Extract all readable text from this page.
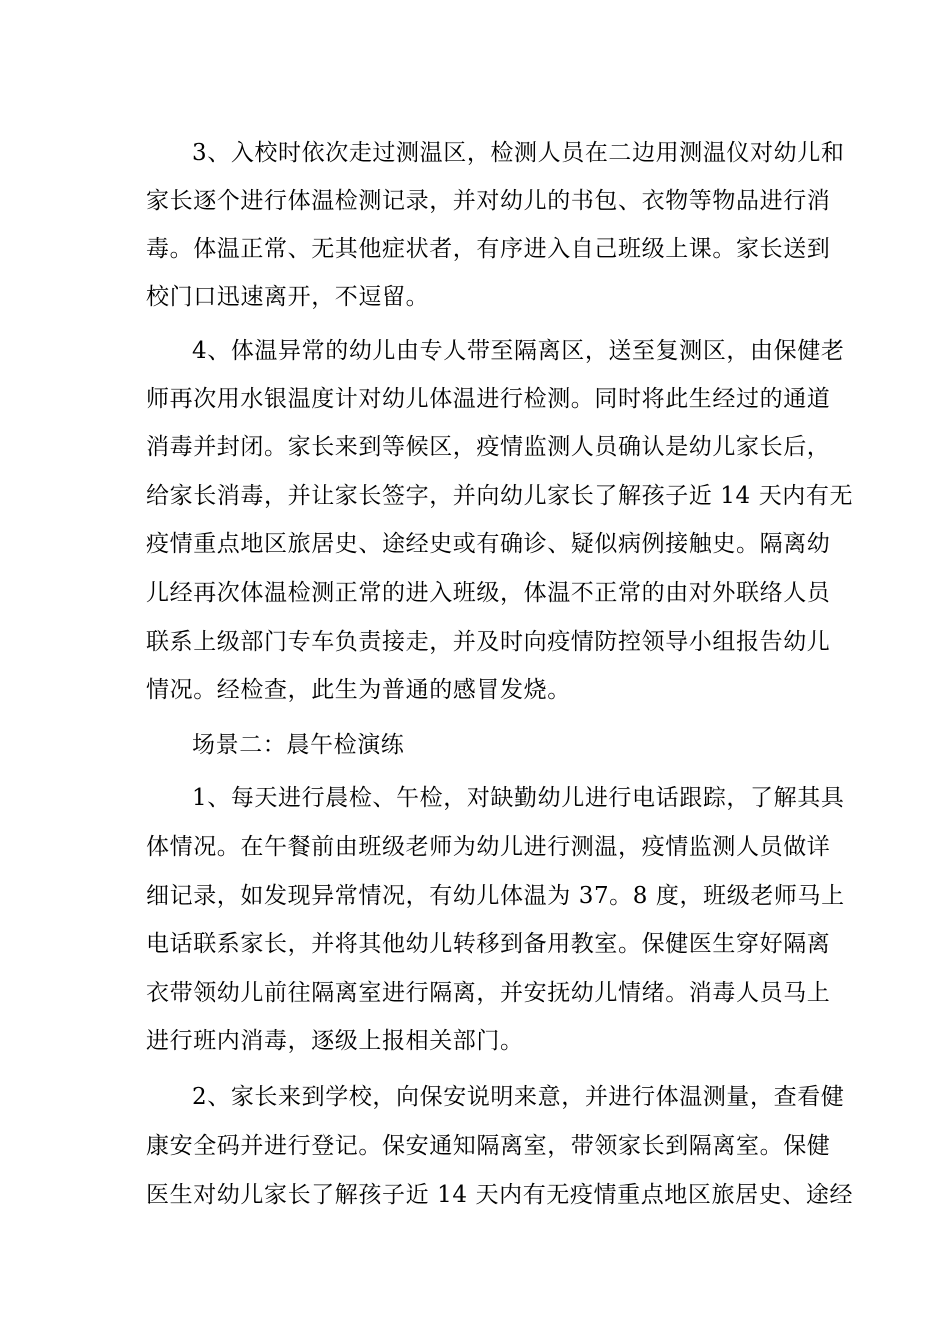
3、入校时依次走过测温区，检测人员在二边用测温仪对幼儿和
家长逐个进行体温检测记录，并对幼儿的书包、衣物等物品进行消
毒。体温正常、无其他症状者，有序进入自己班级上课。家长送到
校门口迅速离开，不逗留。
4、体温异常的幼儿由专人带至隔离区，送至复测区，由保健老
师再次用水银温度计对幼儿体温进行检测。同时将此生经过的通道
消毒并封闭。家长来到等候区，疫情监测人员确认是幼儿家长后，
给家长消毒，并让家长签字，并向幼儿家长了解孩子近 14 天内有无
疫情重点地区旅居史、途经史或有确诊、疑似病例接触史。隔离幼
儿经再次体温检测正常的进入班级，体温不正常的由对外联络人员
联系上级部门专车负责接走，并及时向疫情防控领导小组报告幼儿
情况。经检查，此生为普通的感冒发烧。
场景二：晨午检演练
1、每天进行晨检、午检，对缺勤幼儿进行电话跟踪，了解其具
体情况。在午餐前由班级老师为幼儿进行测温，疫情监测人员做详
细记录，如发现异常情况，有幼儿体温为 37。8 度，班级老师马上
电话联系家长，并将其他幼儿转移到备用教室。保健医生穿好隔离
衣带领幼儿前往隔离室进行隔离，并安抚幼儿情绪。消毒人员马上
进行班内消毒，逐级上报相关部门。
2、家长来到学校，向保安说明来意，并进行体温测量，查看健
康安全码并进行登记。保安通知隔离室，带领家长到隔离室。保健
医生对幼儿家长了解孩子近 14 天内有无疫情重点地区旅居史、途经
